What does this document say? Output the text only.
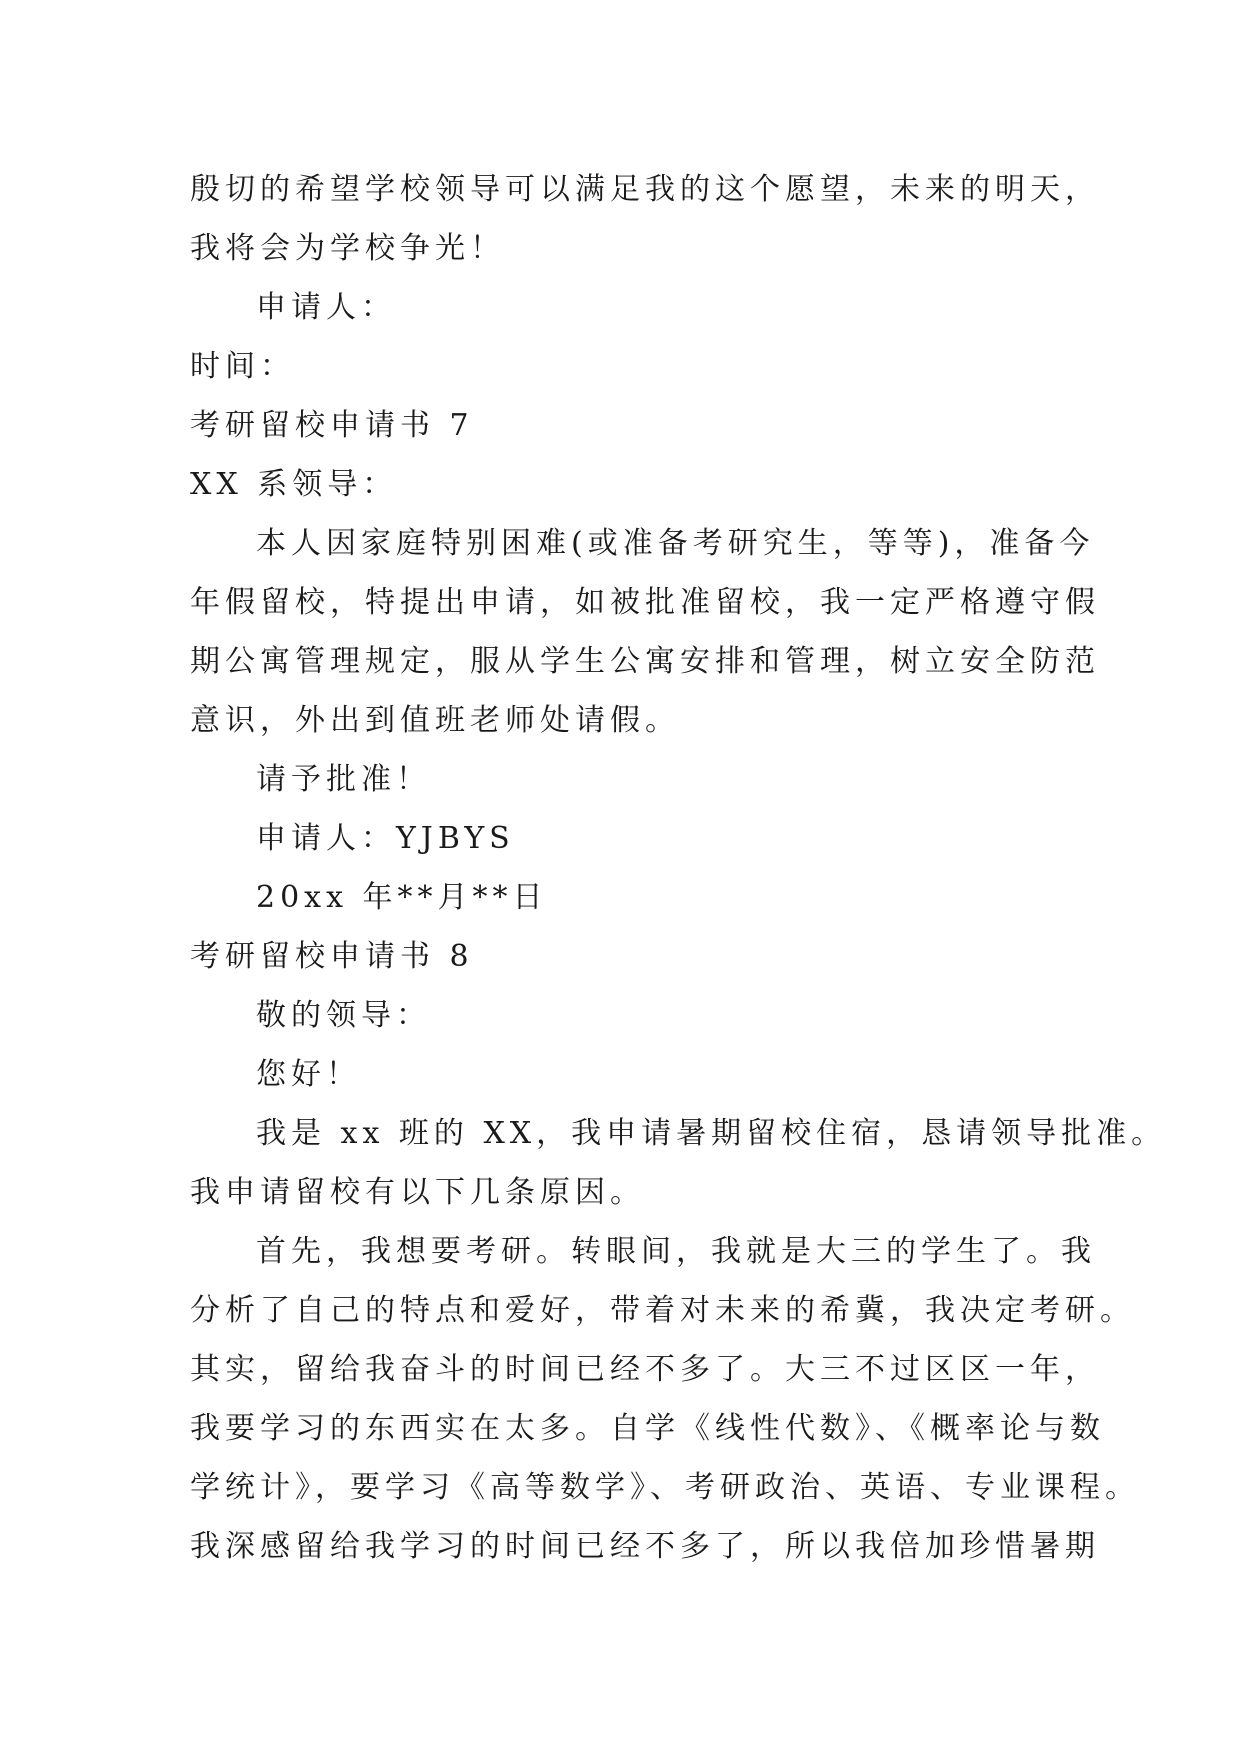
殷切的希望学校领导可以满足我的这个愿望，未来的明天，
我将会为学校争光！
申请人：
时间：
考研留校申请书 7
XX 系领导：
本人因家庭特别困难(或准备考研究生，等等)，准备今
年假留校，特提出申请，如被批准留校，我一定严格遵守假
期公寓管理规定，服从学生公寓安排和管理，树立安全防范
意识，外出到值班老师处请假。
请予批准！
申请人：YJBYS
20xx 年**月**日
考研留校申请书 8
敬的领导：
您好！
我是 xx 班的 XX，我申请暑期留校住宿，恳请领导批准。
我申请留校有以下几条原因。
首先，我想要考研。转眼间，我就是大三的学生了。我
分析了自己的特点和爱好，带着对未来的希冀，我决定考研。
其实，留给我奋斗的时间已经不多了。大三不过区区一年，
我要学习的东西实在太多。自学《线性代数》、《概率论与数
学统计》，要学习《高等数学》、考研政治、英语、专业课程。
我深感留给我学习的时间已经不多了，所以我倍加珍惜暑期
